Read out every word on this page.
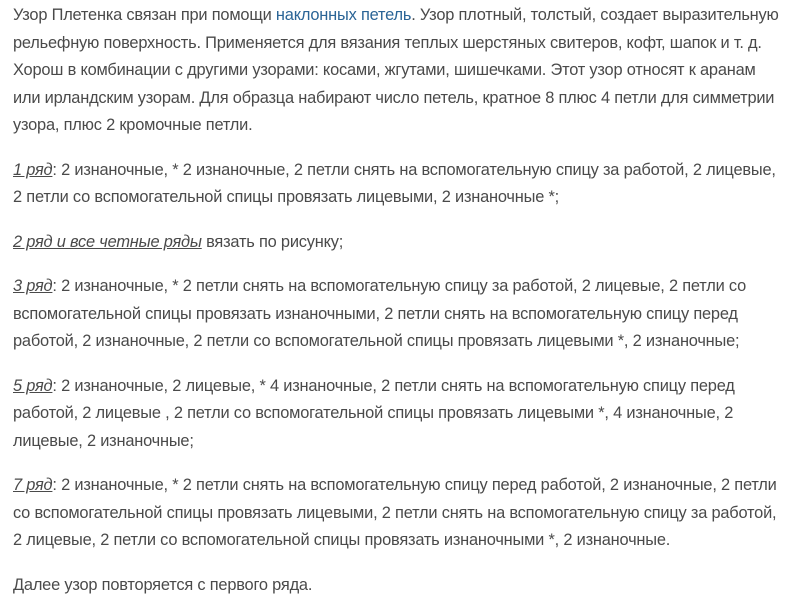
Узор Плетенка связан при помощи наклонных петель. Узор плотный, толстый, создает выразительную рельефную поверхность. Применяется для вязания теплых шерстяных свитеров, кофт, шапок и т. д. Хорош в комбинации с другими узорами: косами, жгутами, шишечками. Этот узор относят к аранам или ирландским узорам. Для образца набирают число петель, кратное 8 плюс 4 петли для симметрии узора, плюс 2 кромочные петли.

1 ряд: 2 изнаночные, * 2 изнаночные, 2 петли снять на вспомогательную спицу за работой, 2 лицевые, 2 петли со вспомогательной спицы провязать лицевыми, 2 изнаночные *;

2 ряд и все четные ряды вязать по рисунку;

3 ряд: 2 изнаночные, * 2 петли снять на вспомогательную спицу за работой, 2 лицевые, 2 петли со вспомогательной спицы провязать изнаночными, 2 петли снять на вспомогательную спицу перед работой, 2 изнаночные, 2 петли со вспомогательной спицы провязать лицевыми *, 2 изнаночные;

5 ряд: 2 изнаночные, 2 лицевые, * 4 изнаночные, 2 петли снять на вспомогательную спицу перед работой, 2 лицевые , 2 петли со вспомогательной спицы провязать лицевыми *, 4 изнаночные, 2 лицевые, 2 изнаночные;

7 ряд: 2 изнаночные, * 2 петли снять на вспомогательную спицу перед работой, 2 изнаночные, 2 петли со вспомогательной спицы провязать лицевыми, 2 петли снять на вспомогательную спицу за работой, 2 лицевые, 2 петли со вспомогательной спицы провязать изнаночными *, 2 изнаночные.

Далее узор повторяется с первого ряда.
